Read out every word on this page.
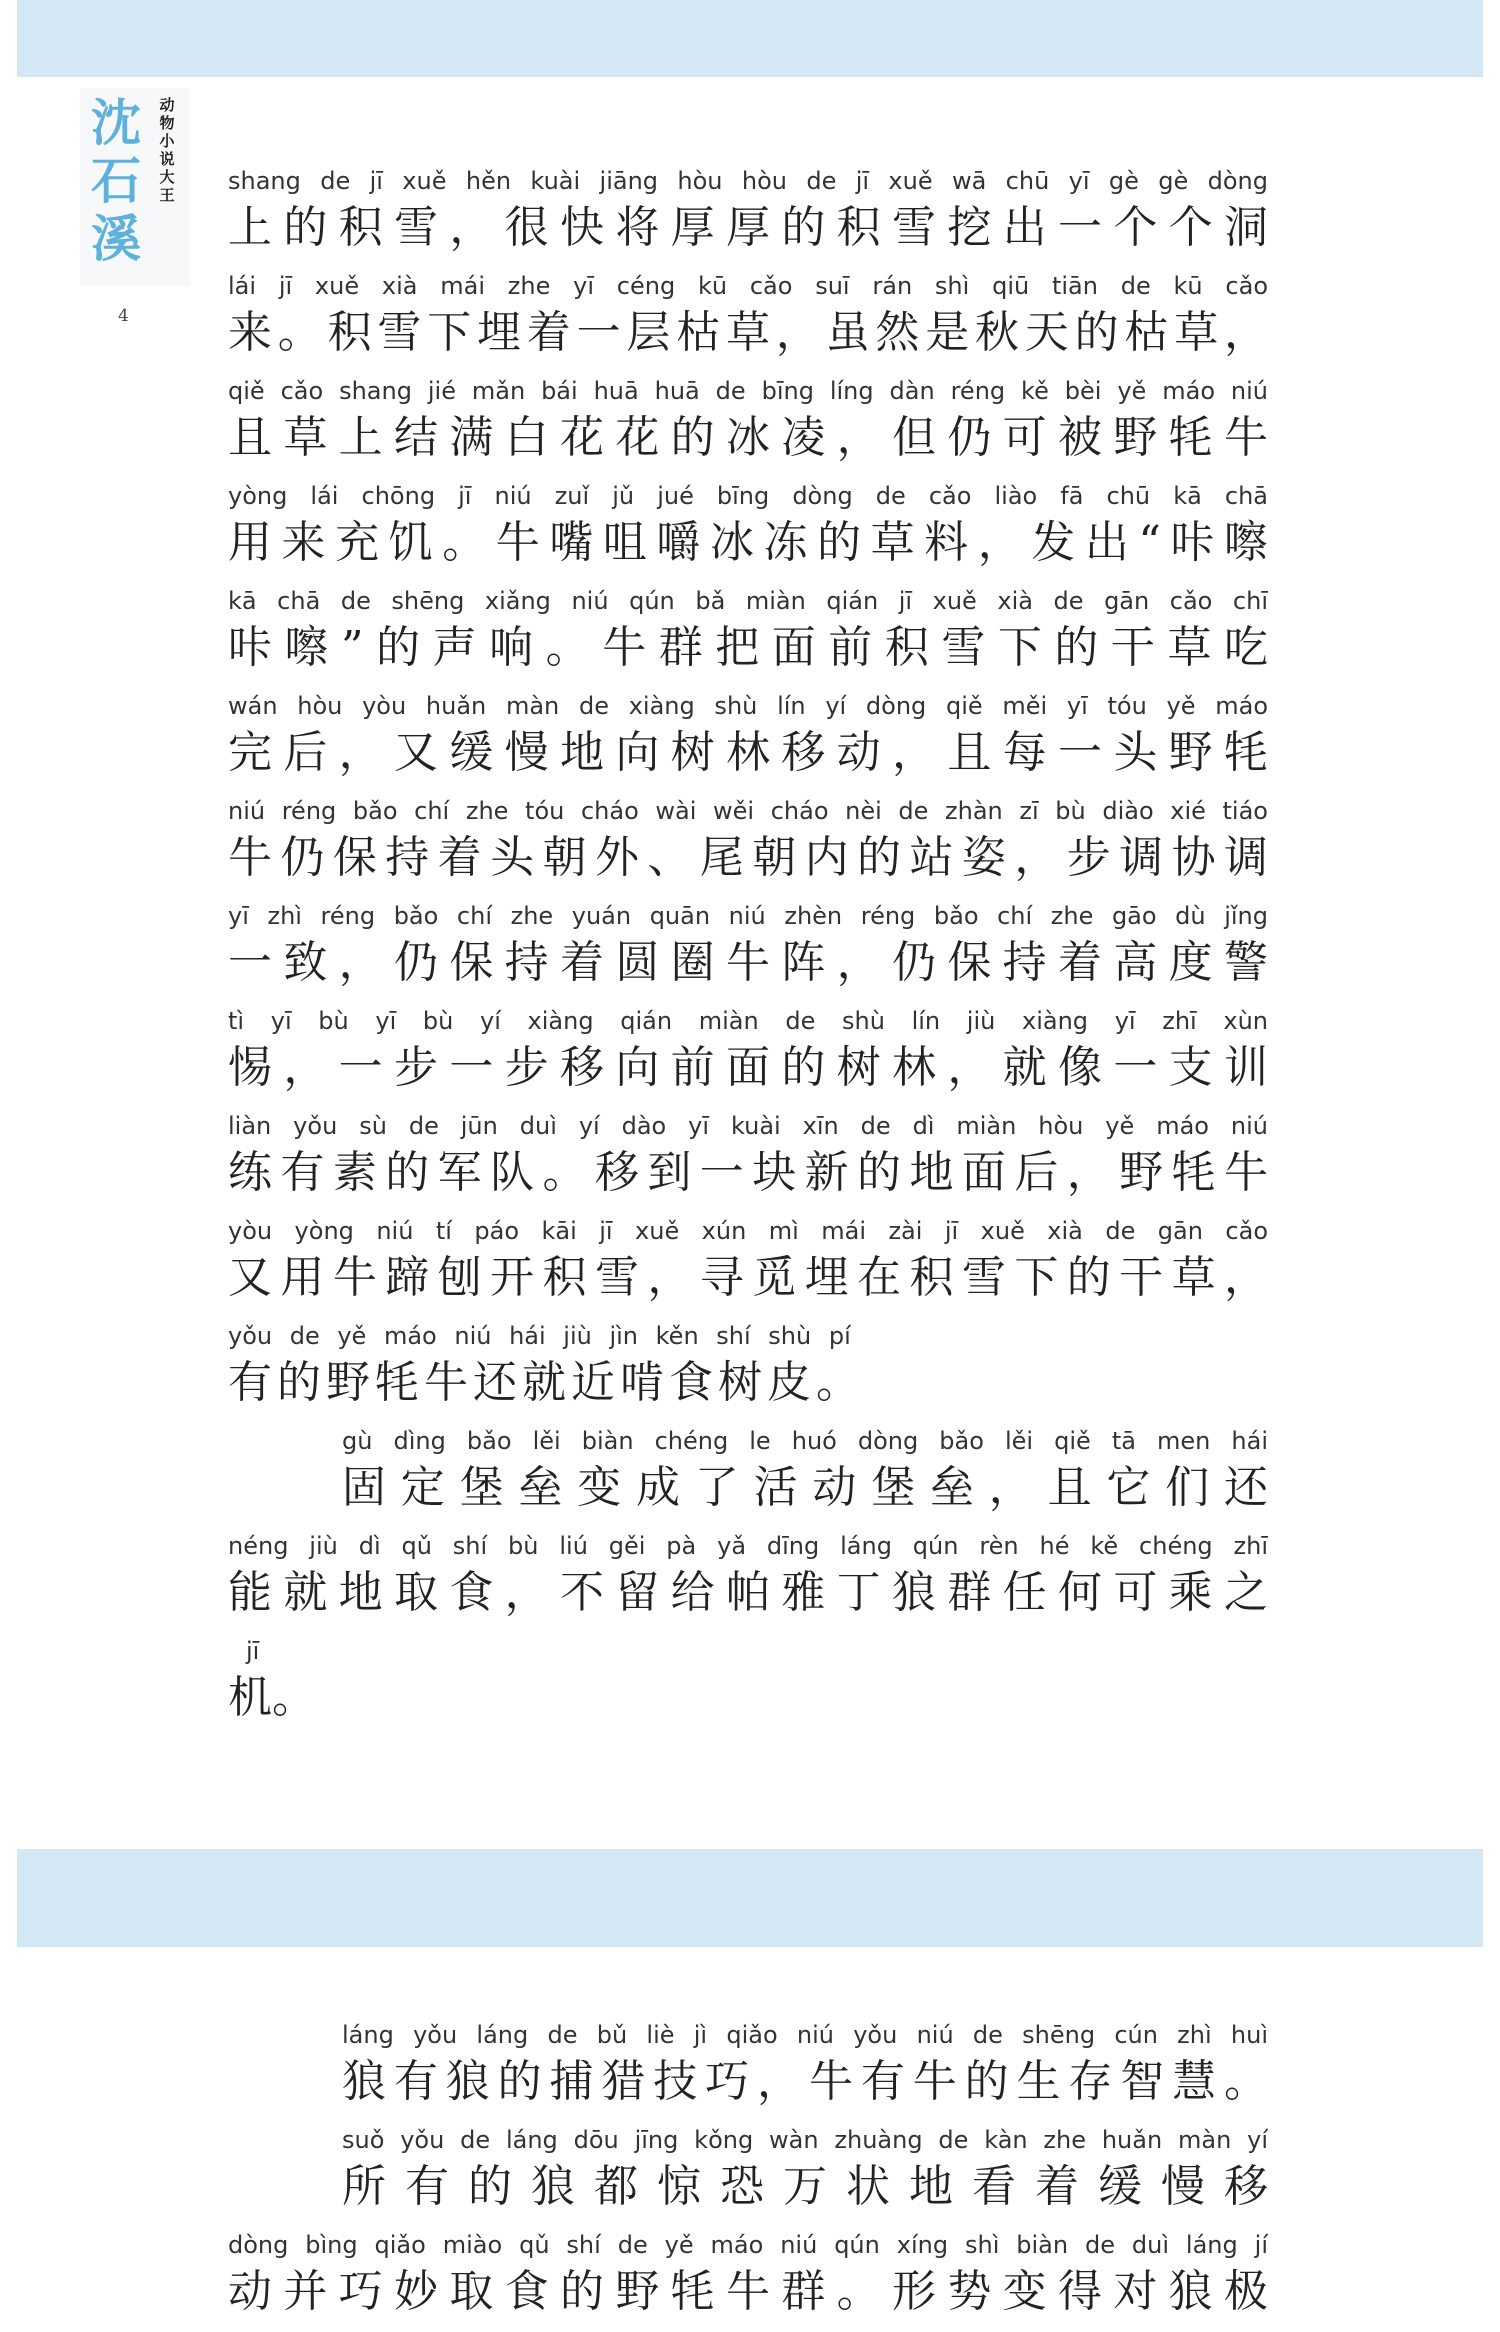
沈石溪
动物小说大王
4
shang de jī xuě hěn kuài jiāng hòu hòu de jī xuě wā chū yī gè gè dòng
上的积雪，很快将厚厚的积雪挖出一个个洞
lái jī xuě xià mái zhe yī céng kū cǎo suī rán shì qiū tiān de kū cǎo
来。积雪下埋着一层枯草，虽然是秋天的枯草，
qiě cǎo shang jié mǎn bái huā huā de bīng líng dàn réng kě bèi yě máo niú
且草上结满白花花的冰凌，但仍可被野牦牛
yòng lái chōng jī niú zuǐ jǔ jué bīng dòng de cǎo liào fā chū kā chā
用来充饥。牛嘴咀嚼冰冻的草料，发出“咔嚓
kā chā de shēng xiǎng niú qún bǎ miàn qián jī xuě xià de gān cǎo chī
咔嚓”的声响。牛群把面前积雪下的干草吃
wán hòu yòu huǎn màn de xiàng shù lín yí dòng qiě měi yī tóu yě máo
完后，又缓慢地向树林移动，且每一头野牦
niú réng bǎo chí zhe tóu cháo wài wěi cháo nèi de zhàn zī bù diào xié tiáo
牛仍保持着头朝外、尾朝内的站姿，步调协调
yī zhì réng bǎo chí zhe yuán quān niú zhèn réng bǎo chí zhe gāo dù jǐng
一致，仍保持着圆圈牛阵，仍保持着高度警
tì yī bù yī bù yí xiàng qián miàn de shù lín jiù xiàng yī zhī xùn
惕，一步一步移向前面的树林，就像一支训
liàn yǒu sù de jūn duì yí dào yī kuài xīn de dì miàn hòu yě máo niú
练有素的军队。移到一块新的地面后，野牦牛
yòu yòng niú tí páo kāi jī xuě xún mì mái zài jī xuě xià de gān cǎo
又用牛蹄刨开积雪，寻觅埋在积雪下的干草，
yǒu de yě máo niú hái jiù jìn kěn shí shù pí
有的野牦牛还就近啃食树皮。
gù dìng bǎo lěi biàn chéng le huó dòng bǎo lěi qiě tā men hái
固定堡垒变成了活动堡垒，且它们还
néng jiù dì qǔ shí bù liú gěi pà yǎ dīng láng qún rèn hé kě chéng zhī
能就地取食，不留给帕雅丁狼群任何可乘之
jī
机。
láng yǒu láng de bǔ liè jì qiǎo niú yǒu niú de shēng cún zhì huì
狼有狼的捕猎技巧，牛有牛的生存智慧。
suǒ yǒu de láng dōu jīng kǒng wàn zhuàng de kàn zhe huǎn màn yí
所有的狼都惊恐万状地看着缓慢移
dòng bìng qiǎo miào qǔ shí de yě máo niú qún xíng shì biàn de duì láng jí
动并巧妙取食的野牦牛群。形势变得对狼极
